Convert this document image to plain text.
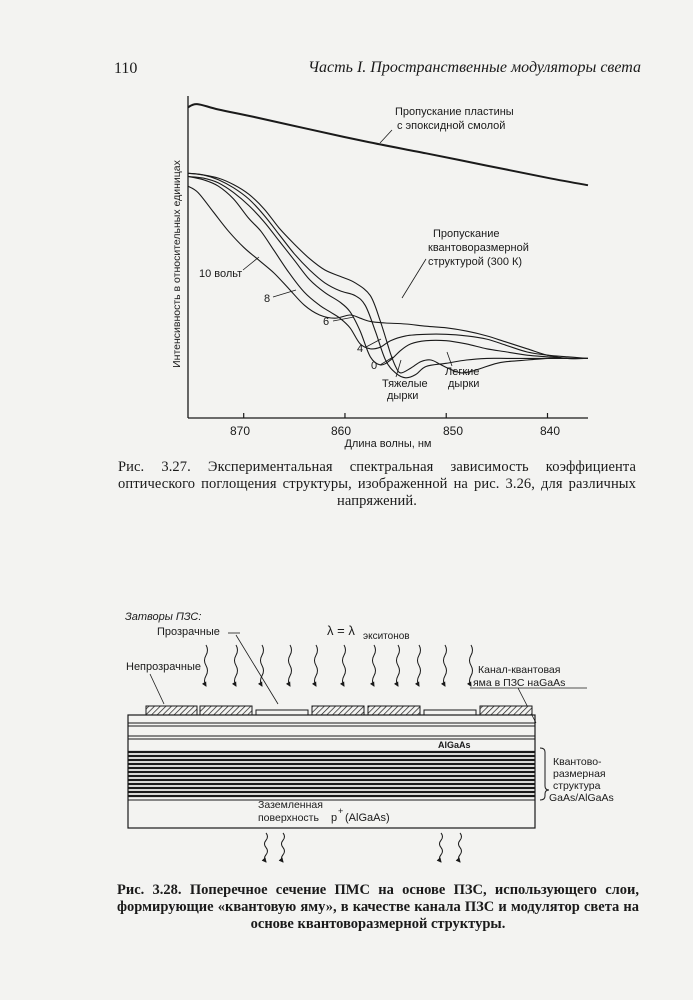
110	Часть I. Пространственные модуляторы света
870	860	850	840
Длина волны, нм
Интенсивность в относительных единицах
Пропускание пластины
с эпоксидной смолой
Пропускание
квантоворазмерной
структурой (300 К)
10 вольт
8
6
4
0
Тяжелые
дырки
Легкие
дырки
Рис. 3.27. Экспериментальная спектральная зависимость коэффициента оптического поглощения структуры, изображенной на рис. 3.26, для различных напряжений.
Затворы ПЗС:
Прозрачные
Непрозрачные
λ = λ экситонов
Канал-квантовая
яма в ПЗС наGaAs
AlGaAs
Квантово-
размерная
структура
GaAs/AlGaAs
Заземленная
поверхность p
+
(AlGaAs)
Рис. 3.28. Поперечное сечение ПМС на основе ПЗС, использующего слои, формирующие «квантовую яму», в качестве канала ПЗС и модулятор света на основе квантоворазмерной структуры.
